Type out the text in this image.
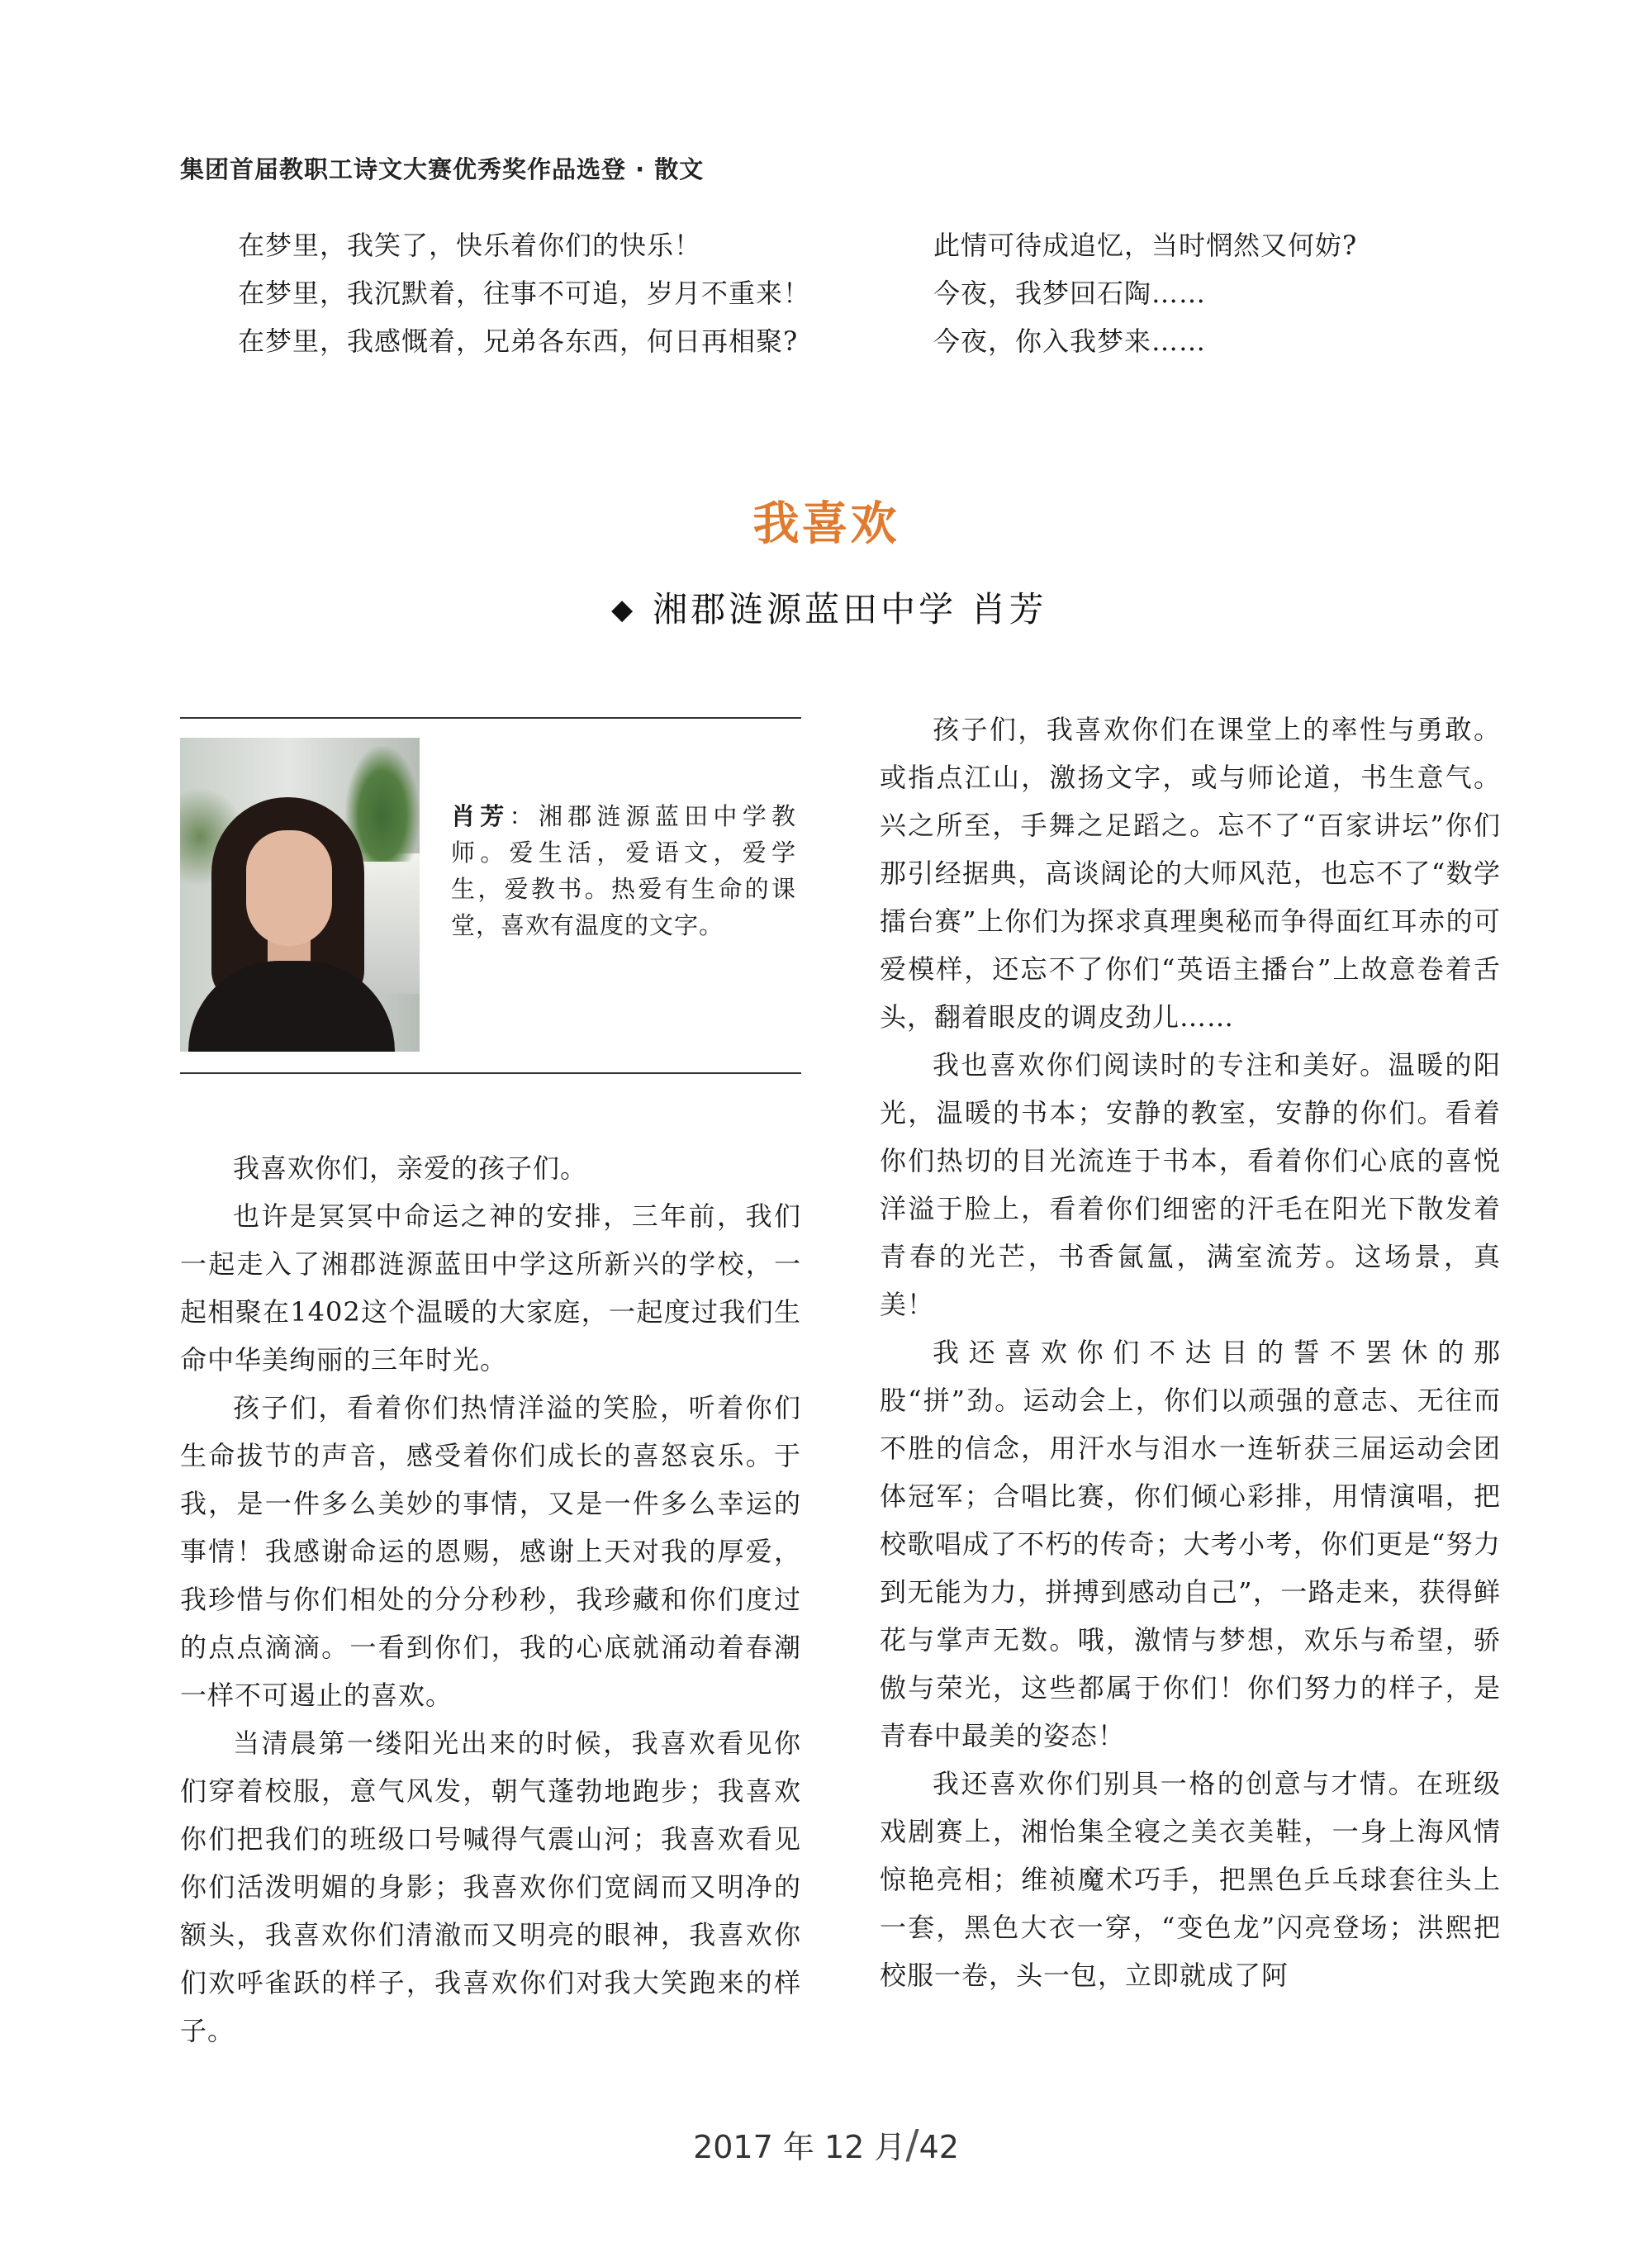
集团首届教职工诗文大赛优秀奖作品选登 · 散文
在梦里，我笑了，快乐着你们的快乐！
在梦里，我沉默着，往事不可追，岁月不重来！
在梦里，我感慨着，兄弟各东西，何日再相聚?
此情可待成追忆，当时惘然又何妨?
今夜，我梦回石陶……
今夜，你入我梦来……
我喜欢
◆ 湘郡涟源蓝田中学 肖芳
肖芳：湘郡涟源蓝田中学教师。爱生活，爱语文，爱学生，爱教书。热爱有生命的课堂，喜欢有温度的文字。

我喜欢你们，亲爱的孩子们。

也许是冥冥中命运之神的安排，三年前，我们一起走入了湘郡涟源蓝田中学这所新兴的学校，一起相聚在1402这个温暖的大家庭，一起度过我们生命中华美绚丽的三年时光。

孩子们，看着你们热情洋溢的笑脸，听着你们生命拔节的声音，感受着你们成长的喜怒哀乐。于我，是一件多么美妙的事情，又是一件多么幸运的事情！我感谢命运的恩赐，感谢上天对我的厚爱，我珍惜与你们相处的分分秒秒，我珍藏和你们度过的点点滴滴。一看到你们，我的心底就涌动着春潮一样不可遏止的喜欢。

当清晨第一缕阳光出来的时候，我喜欢看见你们穿着校服，意气风发，朝气蓬勃地跑步；我喜欢你们把我们的班级口号喊得气震山河；我喜欢看见你们活泼明媚的身影；我喜欢你们宽阔而又明净的额头，我喜欢你们清澈而又明亮的眼神，我喜欢你们欢呼雀跃的样子，我喜欢你们对我大笑跑来的样子。

孩子们，我喜欢你们在课堂上的率性与勇敢。或指点江山，激扬文字，或与师论道，书生意气。兴之所至，手舞之足蹈之。忘不了“百家讲坛”你们那引经据典，高谈阔论的大师风范，也忘不了“数学擂台赛”上你们为探求真理奥秘而争得面红耳赤的可爱模样，还忘不了你们“英语主播台”上故意卷着舌头，翻着眼皮的调皮劲儿……

我也喜欢你们阅读时的专注和美好。温暖的阳光，温暖的书本；安静的教室，安静的你们。看着你们热切的目光流连于书本，看着你们心底的喜悦洋溢于脸上，看着你们细密的汗毛在阳光下散发着青春的光芒，书香氤氲，满室流芳。这场景，真美！

我还喜欢你们不达目的誓不罢休的那股“拼”劲。运动会上，你们以顽强的意志、无往而不胜的信念，用汗水与泪水一连斩获三届运动会团体冠军；合唱比赛，你们倾心彩排，用情演唱，把校歌唱成了不朽的传奇；大考小考，你们更是“努力到无能为力，拼搏到感动自己”，一路走来，获得鲜花与掌声无数。哦，激情与梦想，欢乐与希望，骄傲与荣光，这些都属于你们！你们努力的样子，是青春中最美的姿态！

我还喜欢你们别具一格的创意与才情。在班级戏剧赛上，湘怡集全寝之美衣美鞋，一身上海风情惊艳亮相；维祯魔术巧手，把黑色乒乓球套往头上一套，黑色大衣一穿，“变色龙”闪亮登场；洪熙把校服一卷，头一包，立即就成了阿

2017 年 12 月/42
